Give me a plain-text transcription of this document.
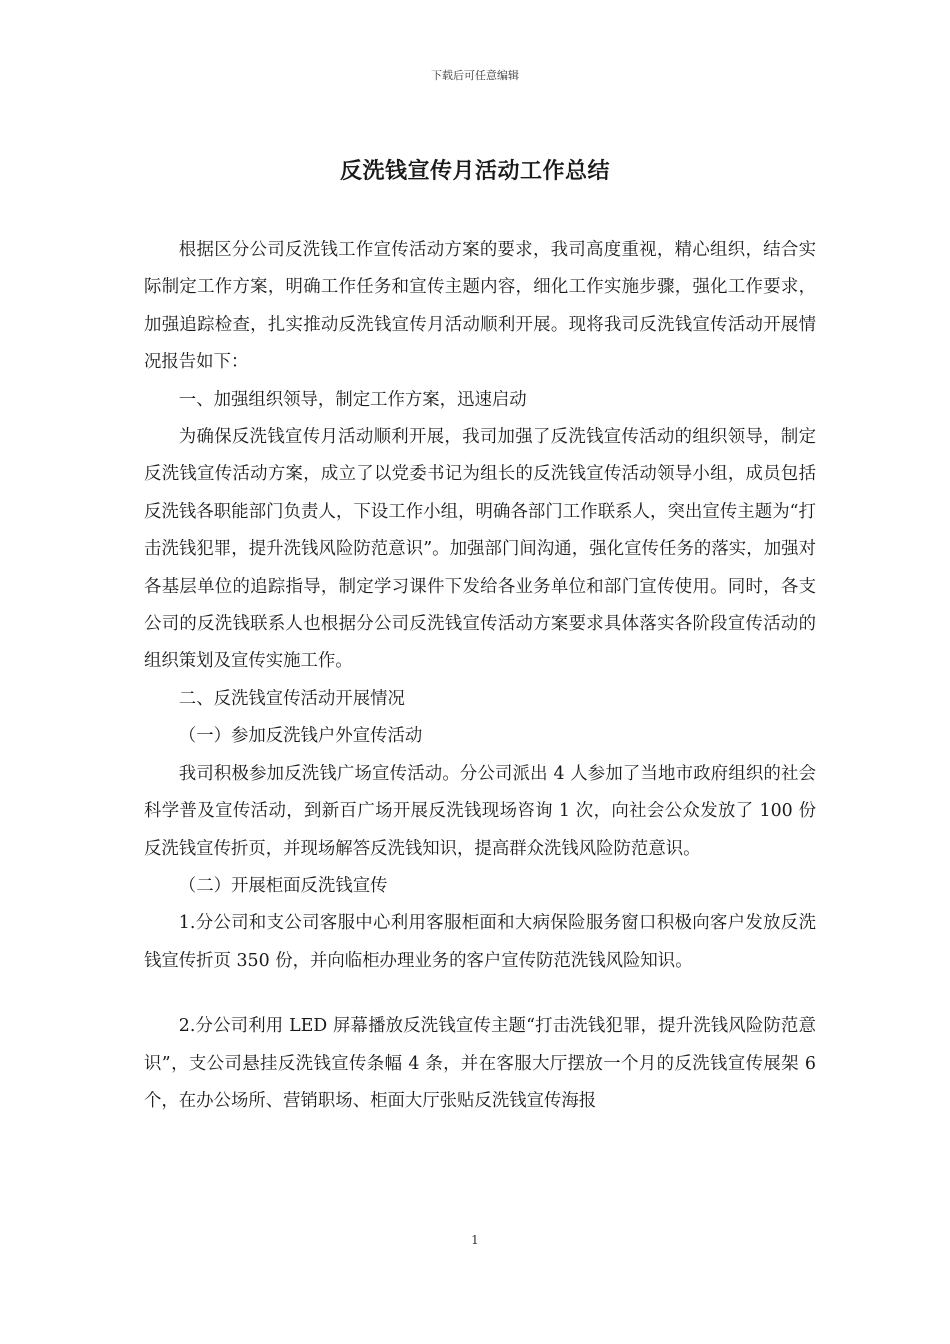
下载后可任意编辑
反洗钱宣传月活动工作总结

根据区分公司反洗钱工作宣传活动方案的要求，我司高度重视，精心组织，结合实际制定工作方案，明确工作任务和宣传主题内容，细化工作实施步骤，强化工作要求，加强追踪检查，扎实推动反洗钱宣传月活动顺利开展。现将我司反洗钱宣传活动开展情况报告如下：

一、加强组织领导，制定工作方案，迅速启动

为确保反洗钱宣传月活动顺利开展，我司加强了反洗钱宣传活动的组织领导，制定反洗钱宣传活动方案，成立了以党委书记为组长的反洗钱宣传活动领导小组，成员包括反洗钱各职能部门负责人，下设工作小组，明确各部门工作联系人，突出宣传主题为“打击洗钱犯罪，提升洗钱风险防范意识”。加强部门间沟通，强化宣传任务的落实，加强对各基层单位的追踪指导，制定学习课件下发给各业务单位和部门宣传使用。同时，各支公司的反洗钱联系人也根据分公司反洗钱宣传活动方案要求具体落实各阶段宣传活动的组织策划及宣传实施工作。

二、反洗钱宣传活动开展情况

（一）参加反洗钱户外宣传活动

我司积极参加反洗钱广场宣传活动。分公司派出 4 人参加了当地市政府组织的社会科学普及宣传活动，到新百广场开展反洗钱现场咨询 1 次，向社会公众发放了 100 份反洗钱宣传折页，并现场解答反洗钱知识，提高群众洗钱风险防范意识。

（二）开展柜面反洗钱宣传

1.分公司和支公司客服中心利用客服柜面和大病保险服务窗口积极向客户发放反洗钱宣传折页 350 份，并向临柜办理业务的客户宣传防范洗钱风险知识。

2.分公司利用 LED 屏幕播放反洗钱宣传主题“打击洗钱犯罪，提升洗钱风险防范意识”，支公司悬挂反洗钱宣传条幅 4 条，并在客服大厅摆放一个月的反洗钱宣传展架 6 个，在办公场所、营销职场、柜面大厅张贴反洗钱宣传海报

1
